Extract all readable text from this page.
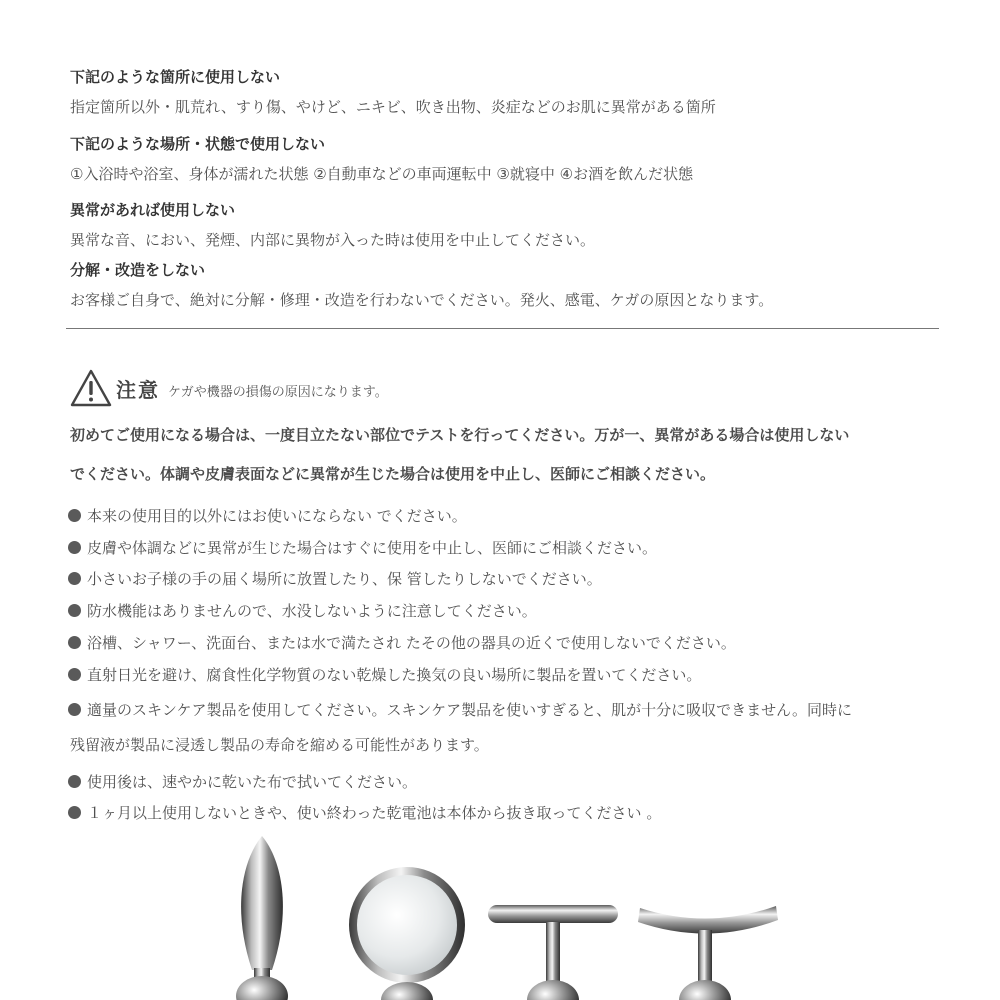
下記のような箇所に使用しない
指定箇所以外・肌荒れ、すり傷、やけど、ニキビ、吹き出物、炎症などのお肌に異常がある箇所
下記のような場所・状態で使用しない
①入浴時や浴室、身体が濡れた状態 ②自動車などの車両運転中 ③就寝中 ④お酒を飲んだ状態
異常があれば使用しない
異常な音、におい、発煙、内部に異物が入った時は使用を中止してください。
分解・改造をしない
お客様ご自身で、絶対に分解・修理・改造を行わないでください。発火、感電、ケガの原因となります。
注意 ケガや機器の損傷の原因になります。
初めてご使用になる場合は、一度目立たない部位でテストを行ってください。万が一、異常がある場合は使用しない
でください。体調や皮膚表面などに異常が生じた場合は使用を中止し、医師にご相談ください。
本来の使用目的以外にはお使いにならない でください。
皮膚や体調などに異常が生じた場合はすぐに使用を中止し、医師にご相談ください。
小さいお子様の手の届く場所に放置したり、保 管したりしないでください。
防水機能はありませんので、水没しないように注意してください。
浴槽、シャワー、洗面台、または水で満たされ たその他の器具の近くで使用しないでください。
直射日光を避け、腐食性化学物質のない乾燥した換気の良い場所に製品を置いてください。
適量のスキンケア製品を使用してください。スキンケア製品を使いすぎると、肌が十分に吸収できません。同時に
残留液が製品に浸透し製品の寿命を縮める可能性があります。
使用後は、速やかに乾いた布で拭いてください。
１ヶ月以上使用しないときや、使い終わった乾電池は本体から抜き取ってください 。
